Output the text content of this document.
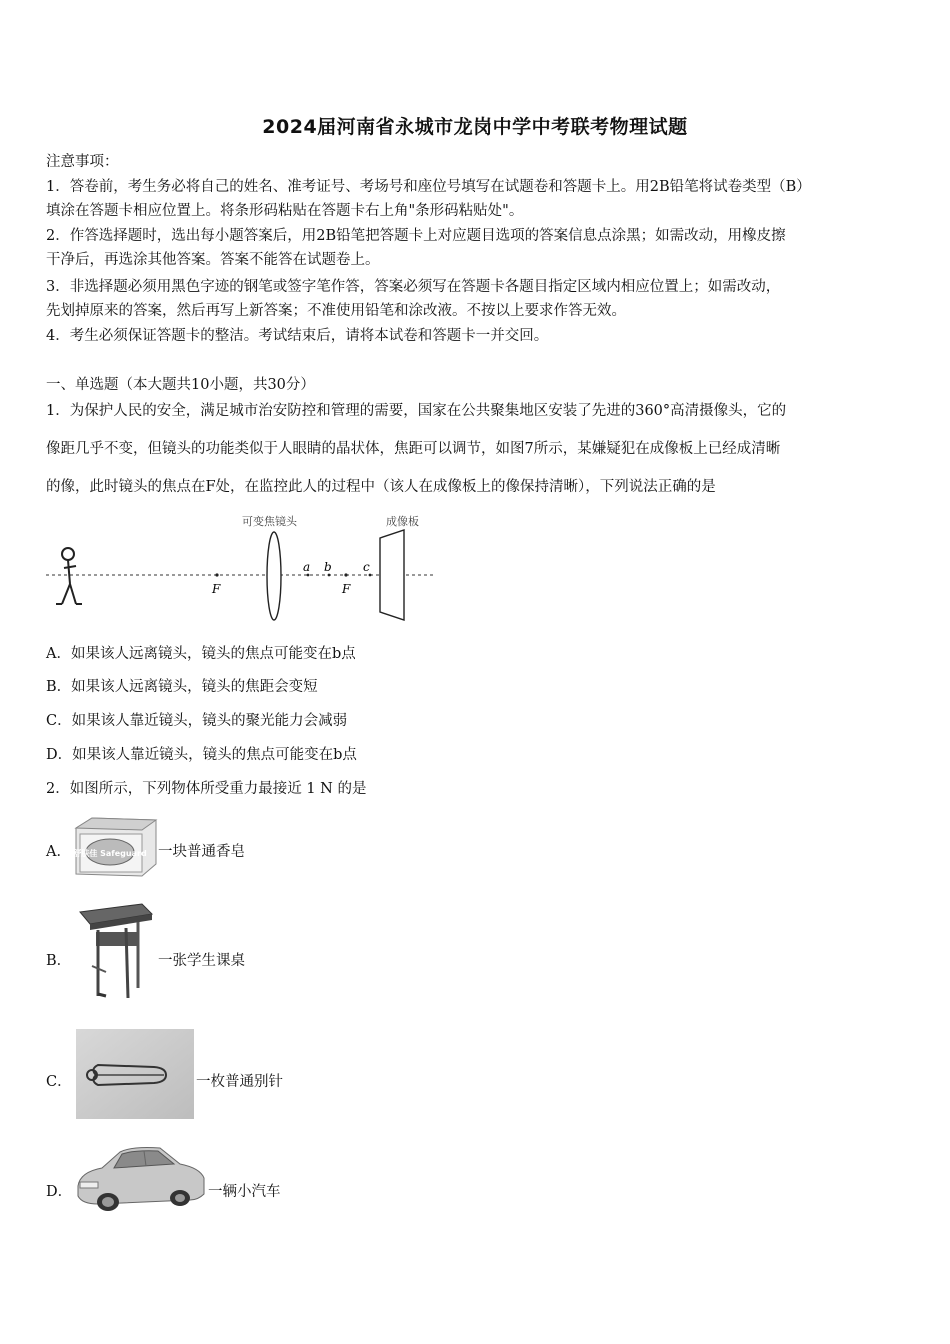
2024届河南省永城市龙岗中学中考联考物理试题
注意事项：
1．答卷前，考生务必将自己的姓名、准考证号、考场号和座位号填写在试题卷和答题卡上。用2B铅笔将试卷类型（B）
填涂在答题卡相应位置上。将条形码粘贴在答题卡右上角"条形码粘贴处"。
2．作答选择题时，选出每小题答案后，用2B铅笔把答题卡上对应题目选项的答案信息点涂黑；如需改动，用橡皮擦
干净后，再选涂其他答案。答案不能答在试题卷上。
3．非选择题必须用黑色字迹的钢笔或签字笔作答，答案必须写在答题卡各题目指定区域内相应位置上；如需改动，
先划掉原来的答案，然后再写上新答案；不准使用铅笔和涂改液。不按以上要求作答无效。
4．考生必须保证答题卡的整洁。考试结束后，请将本试卷和答题卡一并交回。
一、单选题（本大题共10小题，共30分）
1．为保护人民的安全，满足城市治安防控和管理的需要，国家在公共聚集地区安装了先进的360°高清摄像头，它的
像距几乎不变，但镜头的功能类似于人眼睛的晶状体，焦距可以调节，如图7所示，某嫌疑犯在成像板上已经成清晰
的像，此时镜头的焦点在F处，在监控此人的过程中（该人在成像板上的像保持清晰），下列说法正确的是
可变焦镜头	成像板
F	F
a b	c
A．如果该人远离镜头，镜头的焦点可能变在b点
B．如果该人远离镜头，镜头的焦距会变短
C．如果该人靠近镜头，镜头的聚光能力会减弱
D．如果该人靠近镜头，镜头的焦点可能变在b点
2．如图所示，下列物体所受重力最接近 1 N 的是
A． 舒肤佳 Safeguard 一块普通香皂
B．	一张学生课桌
C．	一枚普通别针
D．	一辆小汽车
